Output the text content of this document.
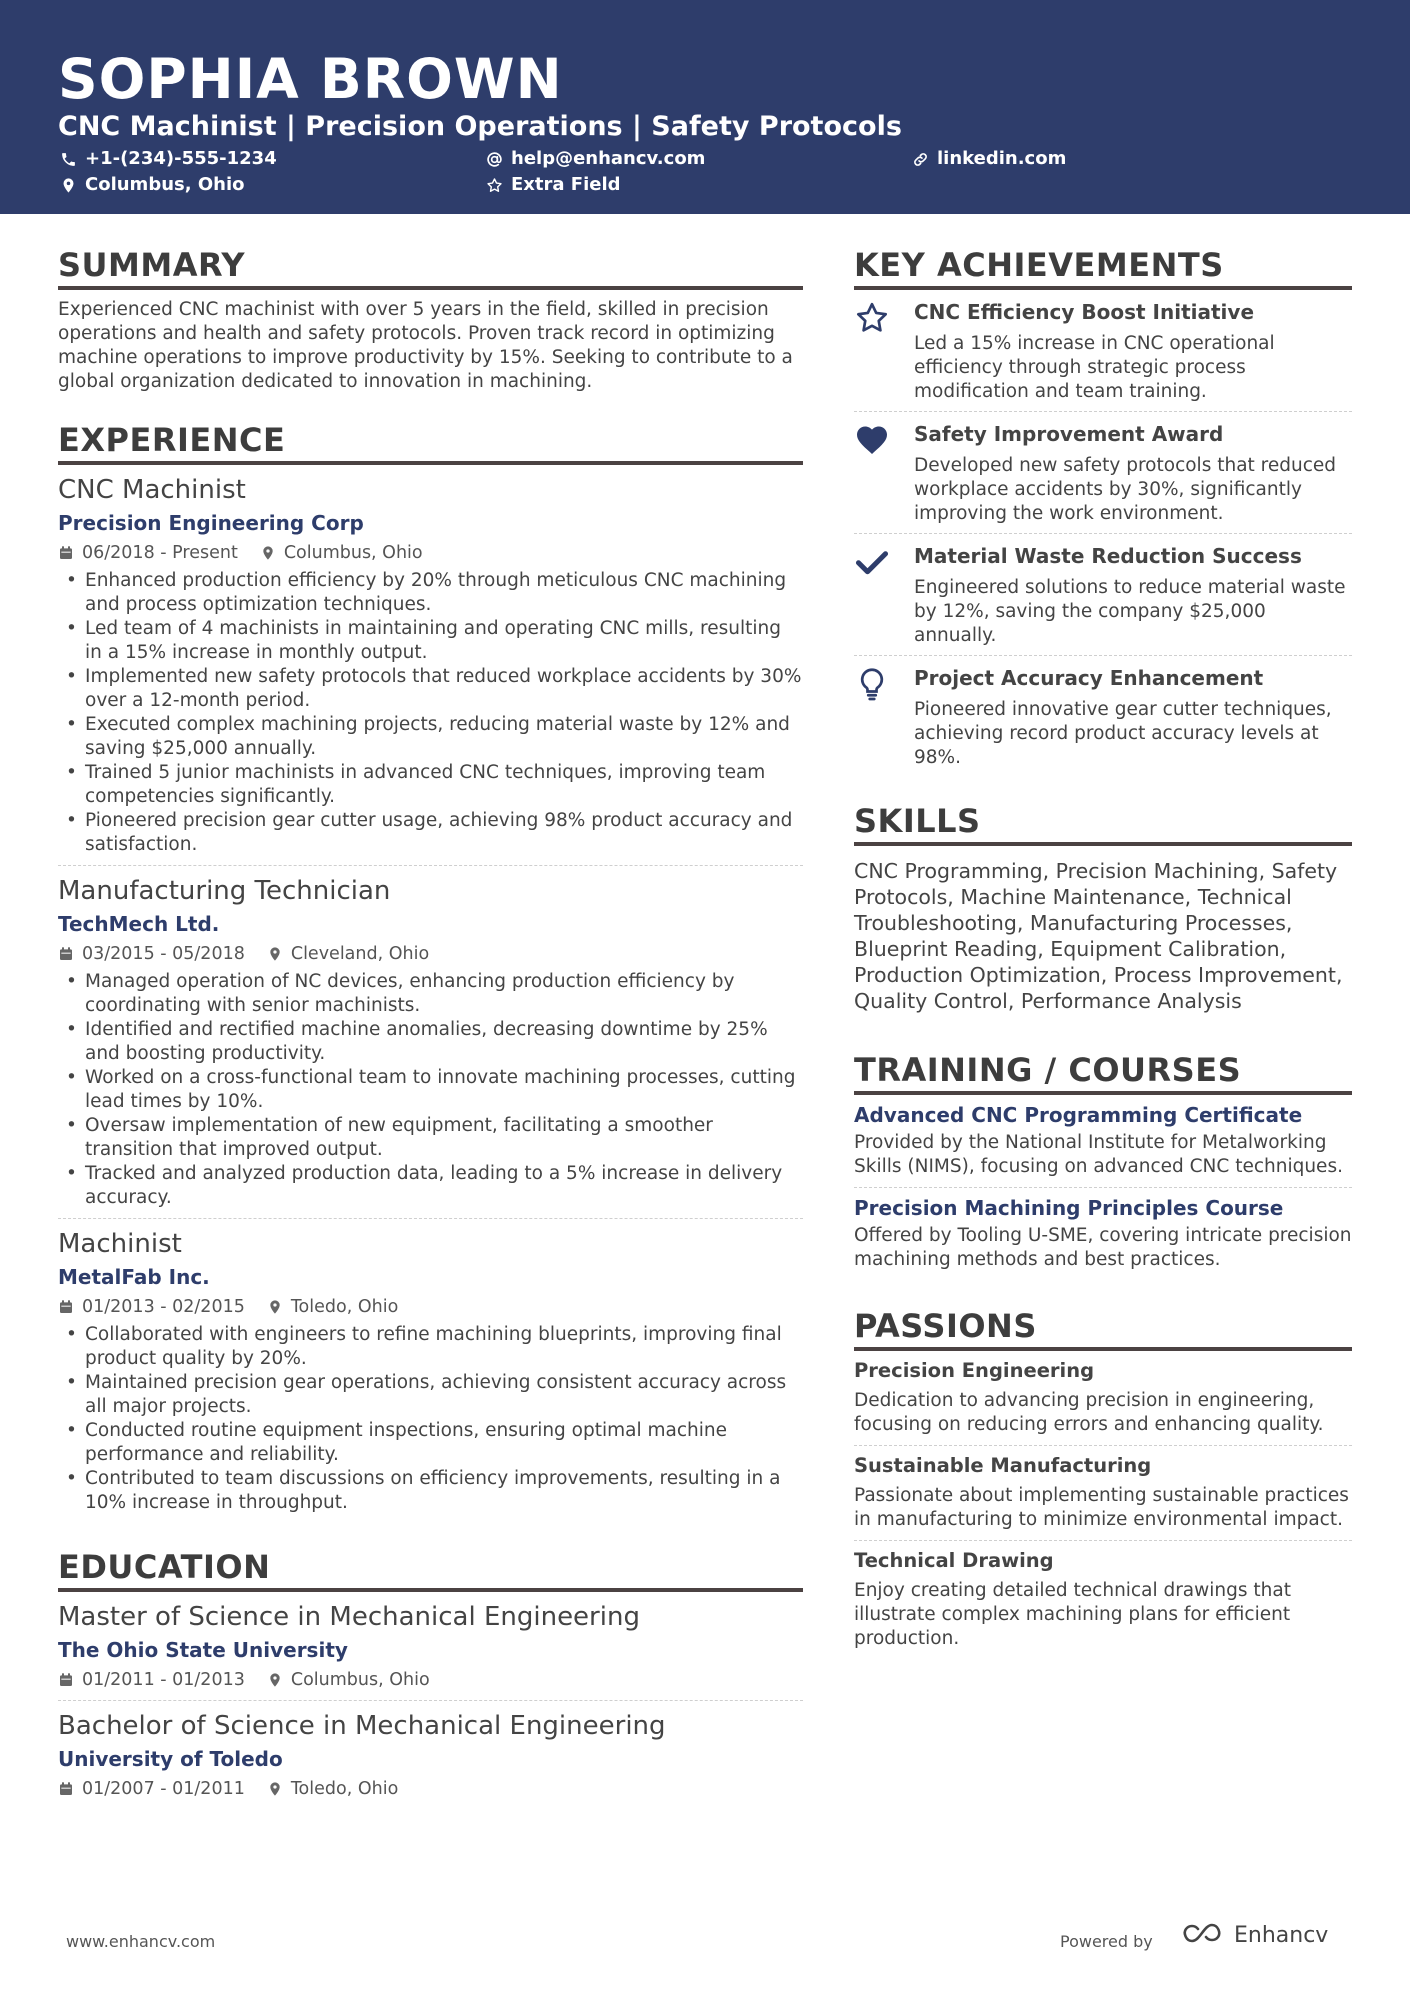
SOPHIA BROWN
CNC Machinist | Precision Operations | Safety Protocols
+1-(234)-555-1234	help@enhancv.com	linkedin.com
Columbus, Ohio	Extra Field
SUMMARY
Experienced CNC machinist with over 5 years in the field, skilled in precision operations and health and safety protocols. Proven track record in optimizing machine operations to improve productivity by 15%. Seeking to contribute to a global organization dedicated to innovation in machining.
EXPERIENCE
CNC Machinist
Precision Engineering Corp
06/2018 - Present	Columbus, Ohio
• Enhanced production efficiency by 20% through meticulous CNC machining and process optimization techniques.
• Led team of 4 machinists in maintaining and operating CNC mills, resulting in a 15% increase in monthly output.
• Implemented new safety protocols that reduced workplace accidents by 30% over a 12-month period.
• Executed complex machining projects, reducing material waste by 12% and saving $25,000 annually.
• Trained 5 junior machinists in advanced CNC techniques, improving team competencies significantly.
• Pioneered precision gear cutter usage, achieving 98% product accuracy and satisfaction.
Manufacturing Technician
TechMech Ltd.
03/2015 - 05/2018	Cleveland, Ohio
• Managed operation of NC devices, enhancing production efficiency by coordinating with senior machinists.
• Identified and rectified machine anomalies, decreasing downtime by 25% and boosting productivity.
• Worked on a cross-functional team to innovate machining processes, cutting lead times by 10%.
• Oversaw implementation of new equipment, facilitating a smoother transition that improved output.
• Tracked and analyzed production data, leading to a 5% increase in delivery accuracy.
Machinist
MetalFab Inc.
01/2013 - 02/2015	Toledo, Ohio
• Collaborated with engineers to refine machining blueprints, improving final product quality by 20%.
• Maintained precision gear operations, achieving consistent accuracy across all major projects.
• Conducted routine equipment inspections, ensuring optimal machine performance and reliability.
• Contributed to team discussions on efficiency improvements, resulting in a 10% increase in throughput.
EDUCATION
Master of Science in Mechanical Engineering
The Ohio State University
01/2011 - 01/2013	Columbus, Ohio
Bachelor of Science in Mechanical Engineering
University of Toledo
01/2007 - 01/2011	Toledo, Ohio
KEY ACHIEVEMENTS
CNC Efficiency Boost Initiative
Led a 15% increase in CNC operational efficiency through strategic process modification and team training.
Safety Improvement Award
Developed new safety protocols that reduced workplace accidents by 30%, significantly improving the work environment.
Material Waste Reduction Success
Engineered solutions to reduce material waste by 12%, saving the company $25,000 annually.
Project Accuracy Enhancement
Pioneered innovative gear cutter techniques, achieving record product accuracy levels at 98%.
SKILLS
CNC Programming, Precision Machining, Safety Protocols, Machine Maintenance, Technical Troubleshooting, Manufacturing Processes, Blueprint Reading, Equipment Calibration, Production Optimization, Process Improvement, Quality Control, Performance Analysis
TRAINING / COURSES
Advanced CNC Programming Certificate
Provided by the National Institute for Metalworking Skills (NIMS), focusing on advanced CNC techniques.
Precision Machining Principles Course
Offered by Tooling U-SME, covering intricate precision machining methods and best practices.
PASSIONS
Precision Engineering
Dedication to advancing precision in engineering, focusing on reducing errors and enhancing quality.
Sustainable Manufacturing
Passionate about implementing sustainable practices in manufacturing to minimize environmental impact.
Technical Drawing
Enjoy creating detailed technical drawings that illustrate complex machining plans for efficient production.
www.enhancv.com	Powered by	Enhancv
